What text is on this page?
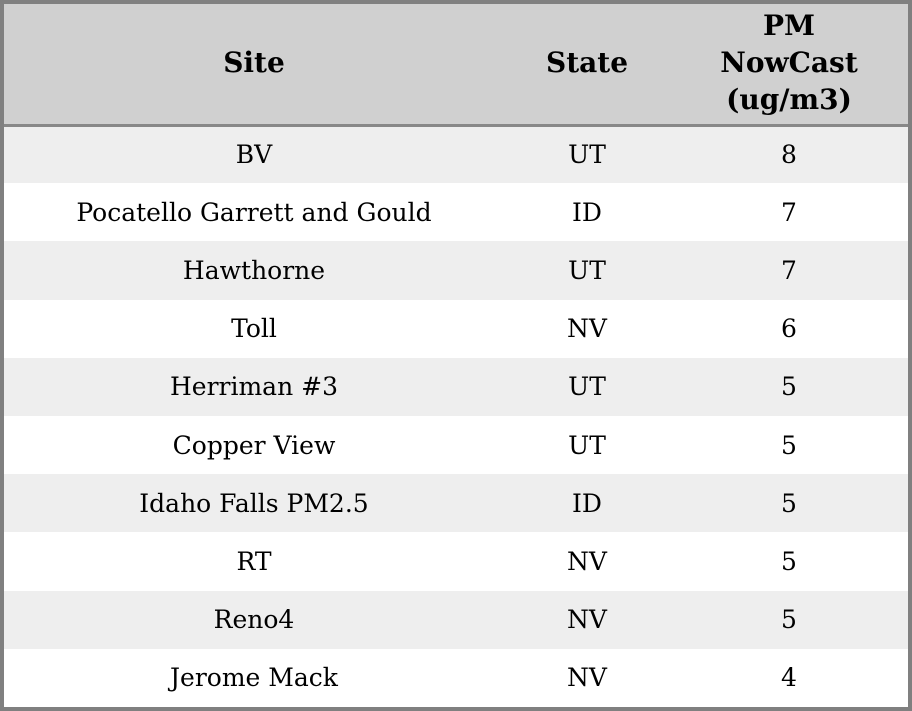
Site	State	PM NowCast (ug/m3)
BV	UT	8
Pocatello Garrett and Gould	ID	7
Hawthorne	UT	7
Toll	NV	6
Herriman #3	UT	5
Copper View	UT	5
Idaho Falls PM2.5	ID	5
RT	NV	5
Reno4	NV	5
Jerome Mack	NV	4
